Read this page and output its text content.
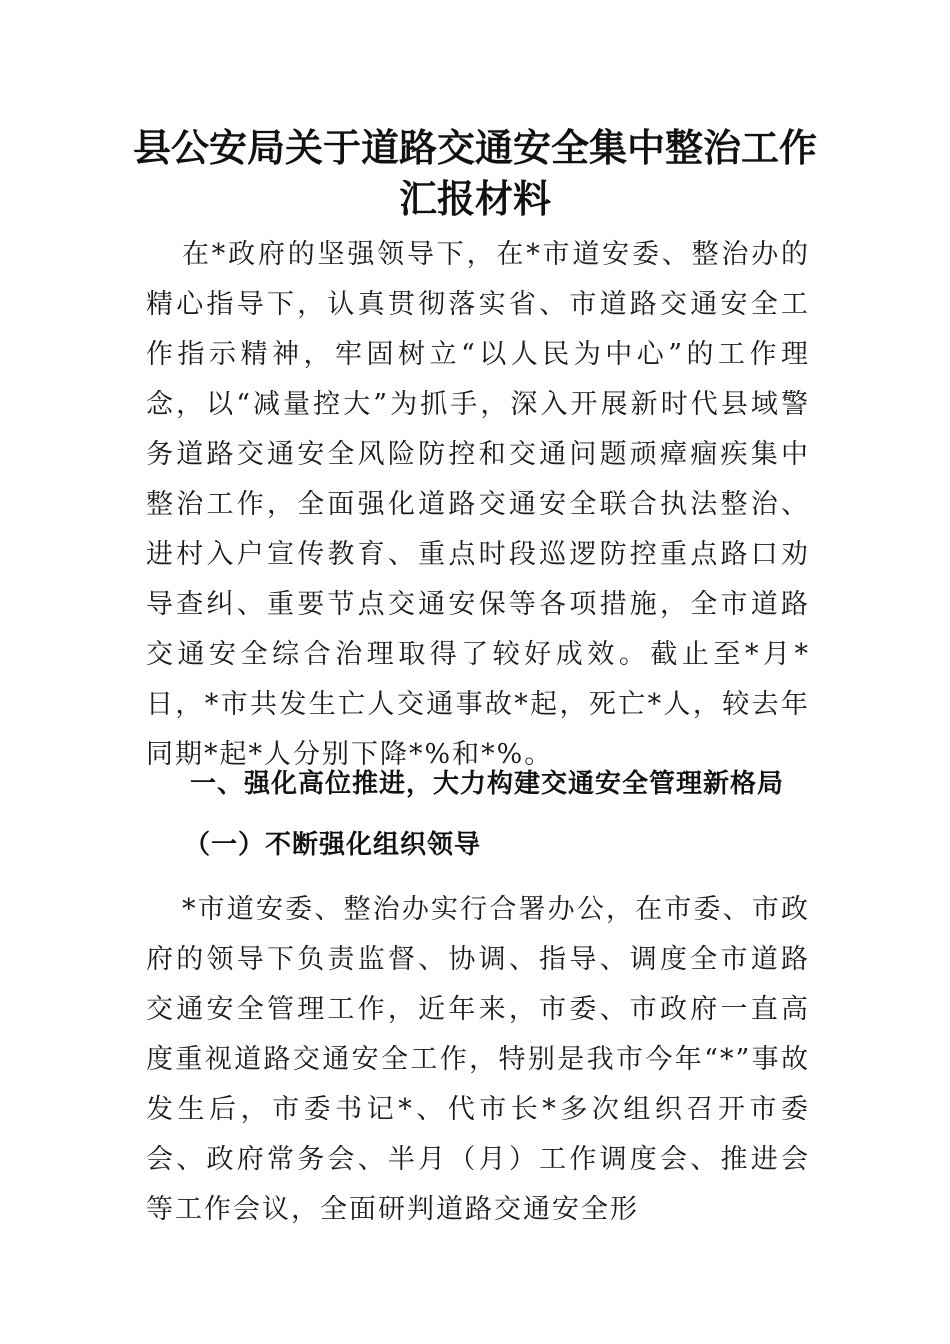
县公安局关于道路交通安全集中整治工作
汇报材料

在*政府的坚强领导下，在*市道安委、整治办的精心指导下，认真贯彻落实省、市道路交通安全工作指示精神，牢固树立“以人民为中心”的工作理念，以“减量控大”为抓手，深入开展新时代县域警务道路交通安全风险防控和交通问题顽瘴痼疾集中整治工作，全面强化道路交通安全联合执法整治、进村入户宣传教育、重点时段巡逻防控重点路口劝导查纠、重要节点交通安保等各项措施，全市道路交通安全综合治理取得了较好成效。截止至*月*日，*市共发生亡人交通事故*起，死亡*人，较去年同期*起*人分别下降*%和*%。

一、强化高位推进，大力构建交通安全管理新格局
（一）不断强化组织领导

*市道安委、整治办实行合署办公，在市委、市政府的领导下负责监督、协调、指导、调度全市道路交通安全管理工作，近年来，市委、市政府一直高度重视道路交通安全工作，特别是我市今年“*”事故发生后，市委书记*、代市长*多次组织召开市委会、政府常务会、半月（月）工作调度会、推进会等工作会议，全面研判道路交通安全形
